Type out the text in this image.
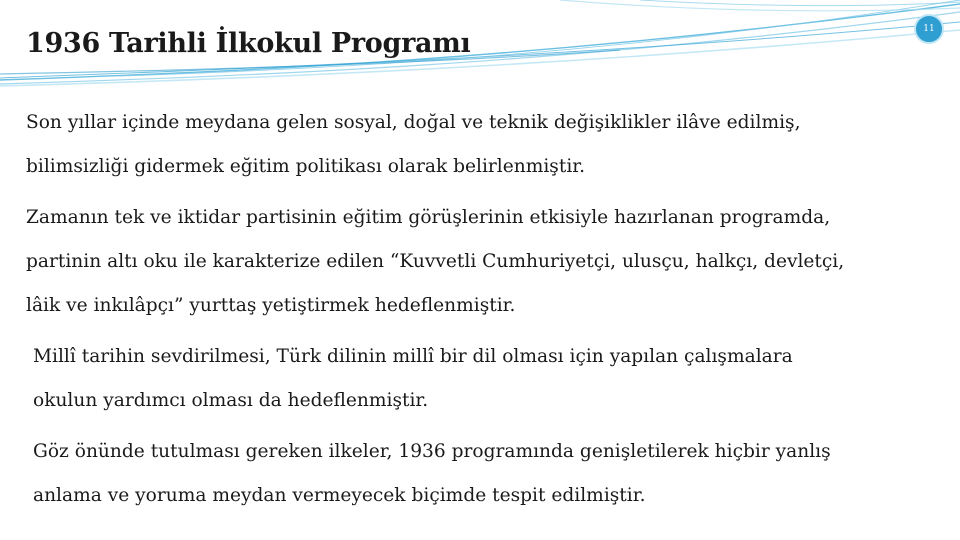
1936 Tarihli İlkokul Programı	11
Son yıllar içinde meydana gelen sosyal, doğal ve teknik değişiklikler ilâve edilmiş,
bilimsizliği gidermek eğitim politikası olarak belirlenmiştir.
Zamanın tek ve iktidar partisinin eğitim görüşlerinin etkisiyle hazırlanan programda,
partinin altı oku ile karakterize edilen “Kuvvetli Cumhuriyetçi, ulusçu, halkçı, devletçi,
lâik ve inkılâpçı” yurttaş yetiştirmek hedeflenmiştir.
Millî tarihin sevdirilmesi, Türk dilinin millî bir dil olması için yapılan çalışmalara
okulun yardımcı olması da hedeflenmiştir.
Göz önünde tutulması gereken ilkeler, 1936 programında genişletilerek hiçbir yanlış
anlama ve yoruma meydan vermeyecek biçimde tespit edilmiştir.
